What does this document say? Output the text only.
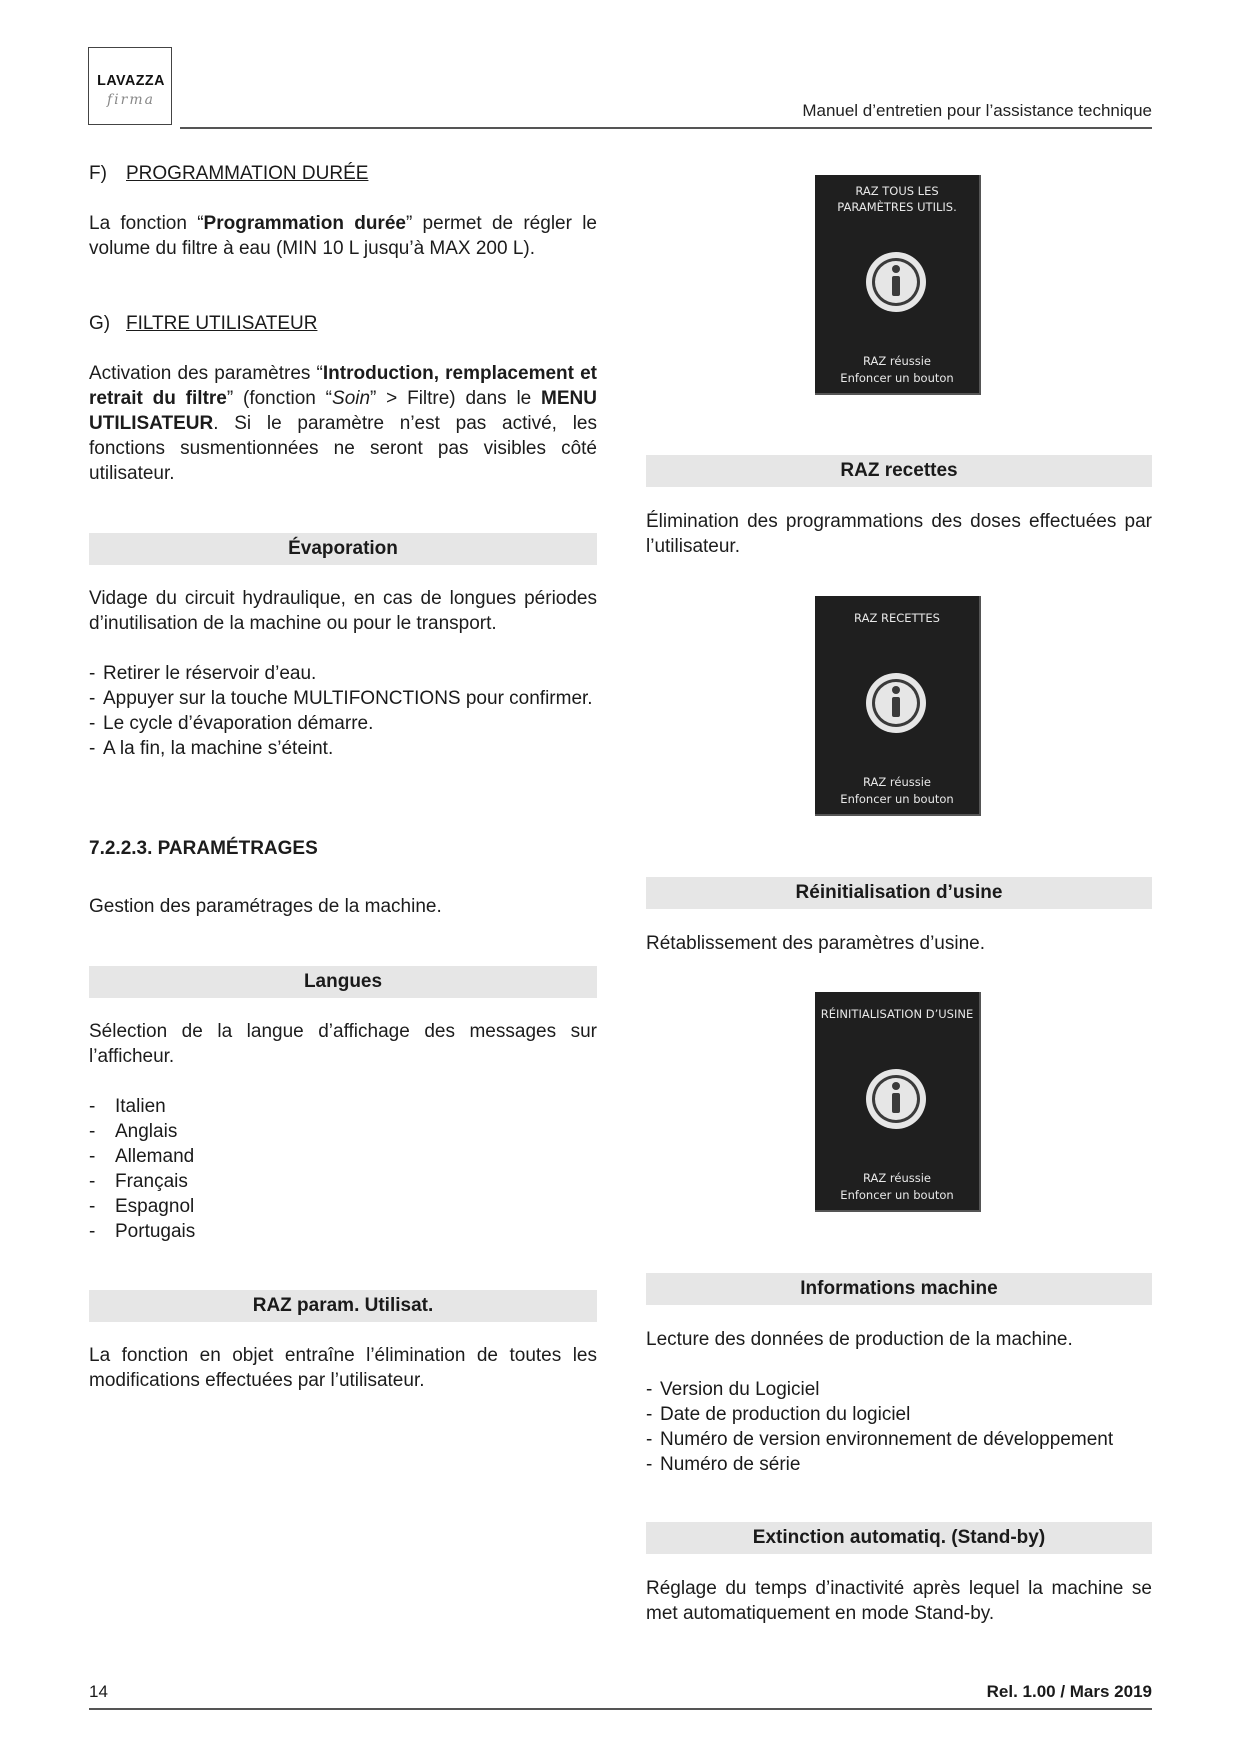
LAVAZZA
firma
Manuel d’entretien pour l’assistance technique
F) PROGRAMMATION DURÉE
La fonction “Programmation durée” permet de régler le volume du filtre à eau (MIN 10 L jusqu’à MAX 200 L).
G) FILTRE UTILISATEUR
Activation des paramètres “Introduction, remplacement et retrait du filtre” (fonction “Soin” > Filtre) dans le MENU UTILISATEUR. Si le paramètre n’est pas activé, les fonctions susmentionnées ne seront pas visibles côté utilisateur.
Évaporation
Vidage du circuit hydraulique, en cas de longues périodes d’inutilisation de la machine ou pour le transport.
- Retirer le réservoir d’eau.
- Appuyer sur la touche MULTIFONCTIONS pour confirmer.
- Le cycle d’évaporation démarre.
- A la fin, la machine s’éteint.
7.2.2.3. PARAMÉTRAGES
Gestion des paramétrages de la machine.
Langues
Sélection de la langue d’affichage des messages sur l’afficheur.
- Italien
- Anglais
- Allemand
- Français
- Espagnol
- Portugais
RAZ param. Utilisat.
La fonction en objet entraîne l’élimination de toutes les modifications effectuées par l’utilisateur.
RAZ TOUS LES PARAMÈTRES UTILIS.
RAZ réussie
Enfoncer un bouton
RAZ recettes
Élimination des programmations des doses effectuées par l’utilisateur.
RAZ RECETTES
RAZ réussie
Enfoncer un bouton
Réinitialisation d’usine
Rétablissement des paramètres d’usine.
RÉINITIALISATION D’USINE
RAZ réussie
Enfoncer un bouton
Informations machine
Lecture des données de production de la machine.
- Version du Logiciel
- Date de production du logiciel
- Numéro de version environnement de développement
- Numéro de série
Extinction automatiq. (Stand-by)
Réglage du temps d’inactivité après lequel la machine se met automatiquement en mode Stand-by.
14	Rel. 1.00 / Mars 2019
